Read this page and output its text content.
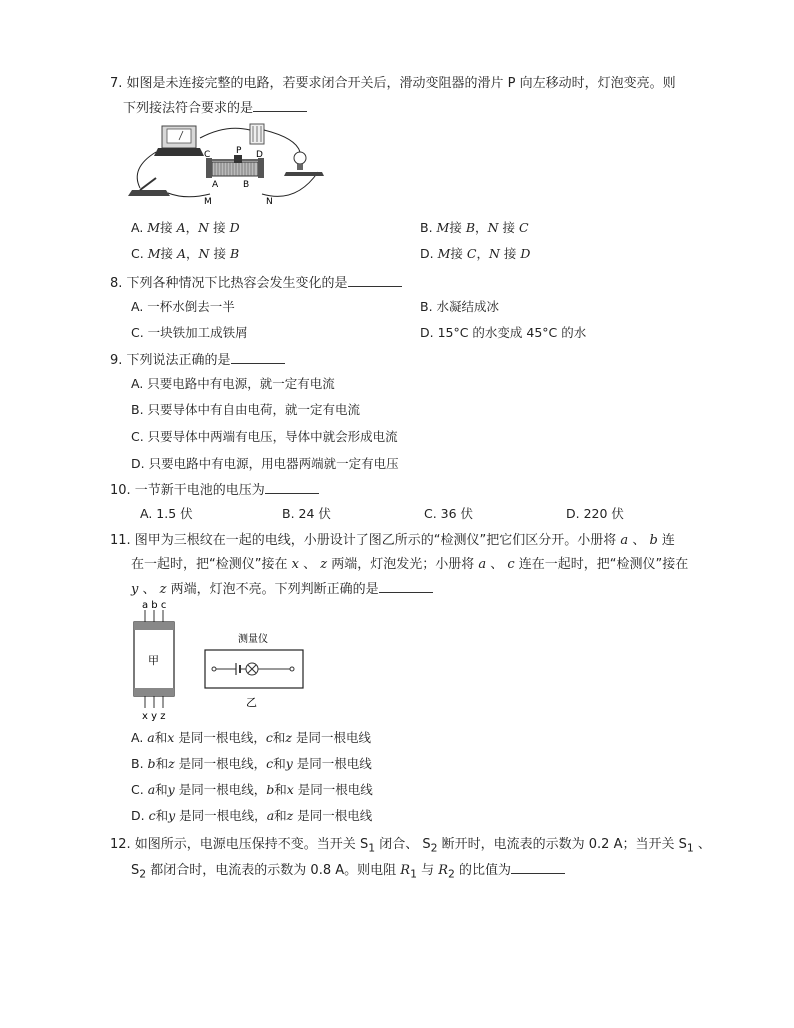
7. 如图是未连接完整的电路，若要求闭合开关后，滑动变阻器的滑片 P 向左移动时，灯泡变亮。则
下列接法符合要求的是
C	P D
A	B
M	N
A. M接 A，N 接 D	B. M接 B，N 接 C
C. M接 A，N 接 B	D. M接 C，N 接 D
8. 下列各种情况下比热容会发生变化的是
A. 一杯水倒去一半	B. 水凝结成冰
C. 一块铁加工成铁屑	D. 15°C 的水变成 45°C 的水
9. 下列说法正确的是
A. 只要电路中有电源，就一定有电流
B. 只要导体中有自由电荷，就一定有电流
C. 只要导体中两端有电压，导体中就会形成电流
D. 只要电路中有电源，用电器两端就一定有电压
10. 一节新干电池的电压为
A. 1.5 伏	B. 24 伏	C. 36 伏	D. 220 伏
11. 图甲为三根纹在一起的电线，小册设计了图乙所示的“检测仪”把它们区分开。小册将 a 、 b 连
在一起时，把“检测仪”接在 x 、 z 两端，灯泡发光；小册将 a 、 c 连在一起时，把“检测仪”接在
y 、 z 两端，灯泡不亮。下列判断正确的是
a b c
甲
x y z
测量仪
乙
A. a和x 是同一根电线，c和z 是同一根电线
B. b和z 是同一根电线，c和y 是同一根电线
C. a和y 是同一根电线，b和x 是同一根电线
D. c和y 是同一根电线，a和z 是同一根电线
12. 如图所示，电源电压保持不变。当开关 $S_1$ 闭合、 $S_2$ 断开时，电流表的示数为 0.2 A；当开关 $S_1$ 、
$S_2$ 都闭合时，电流表的示数为 0.8 A。则电阻 $R_1$ 与 $R_2$ 的比值为
